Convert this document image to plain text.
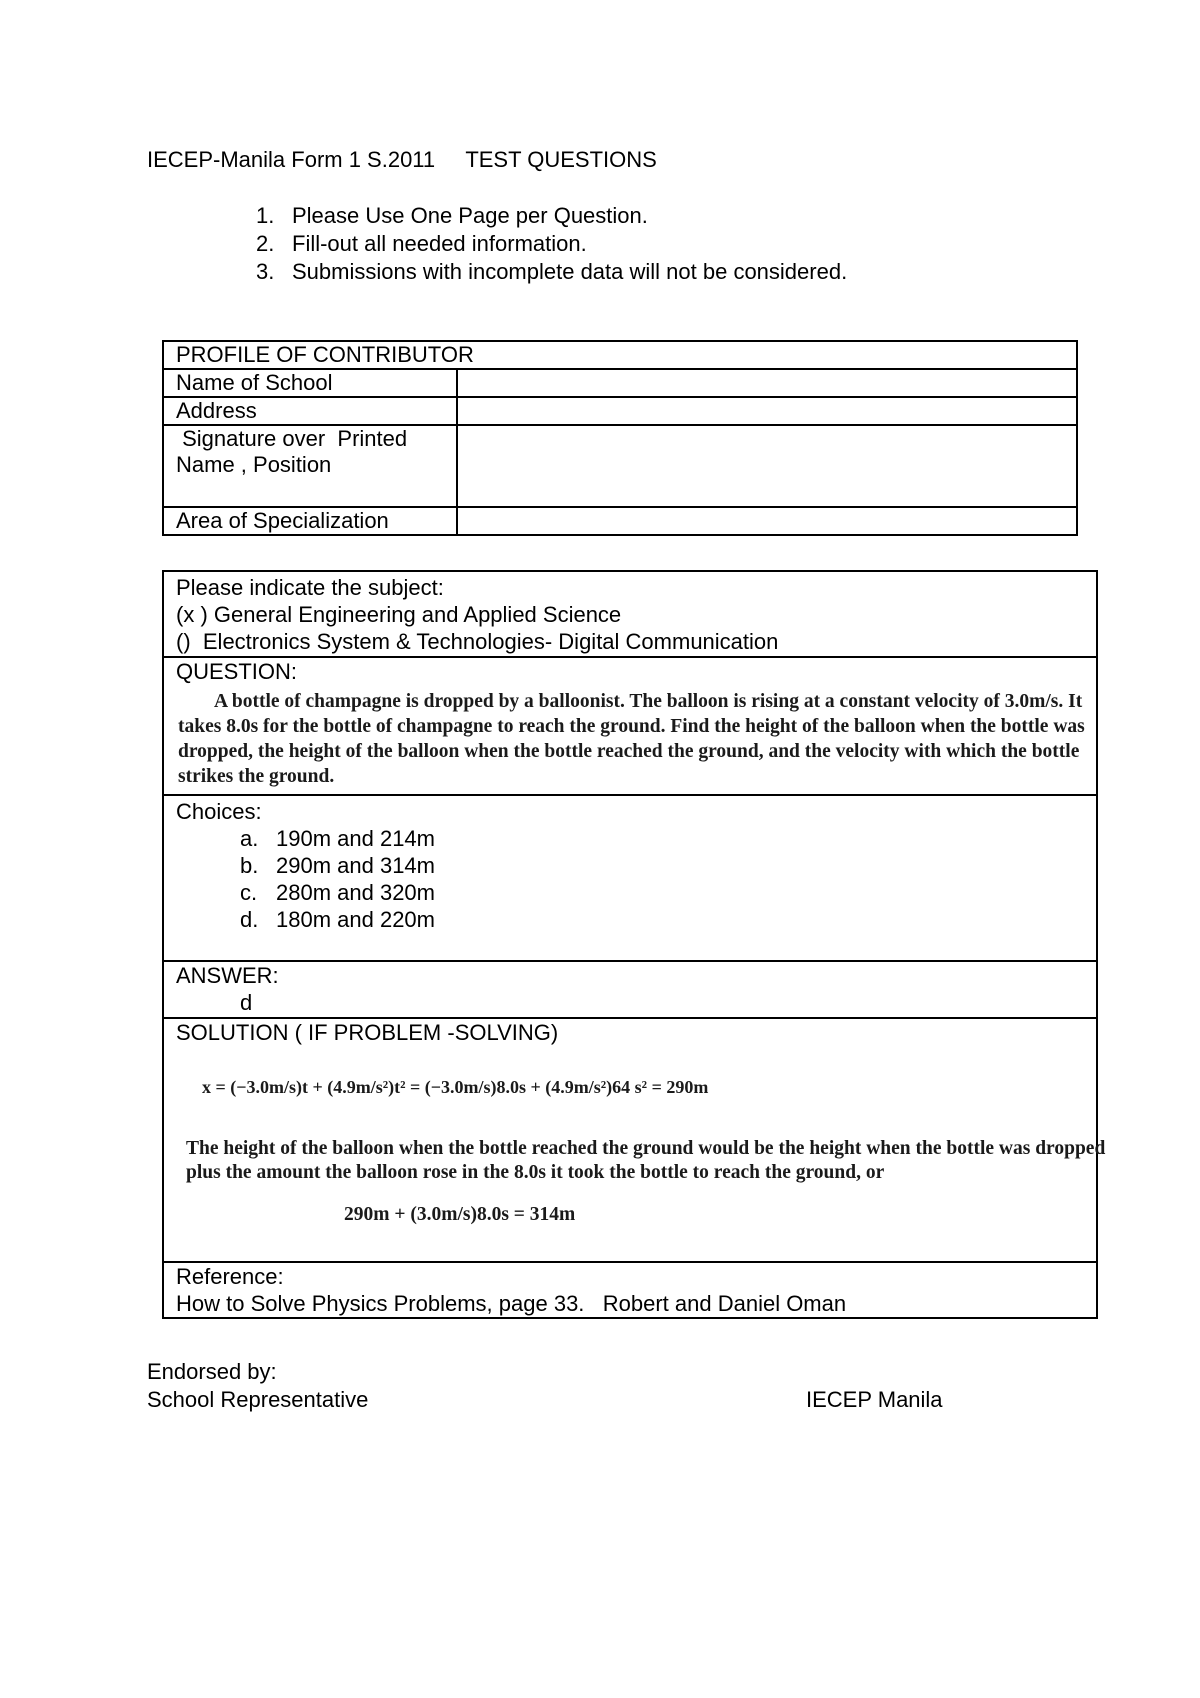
IECEP-Manila Form 1 S.2011     TEST QUESTIONS
1. Please Use One Page per Question.
2. Fill-out all needed information.
3. Submissions with incomplete data will not be considered.
PROFILE OF CONTRIBUTOR	
Name of School	
Address	

Signature over  Printed
Name , Position	

Area of Specialization	
Please indicate the subject:
(x ) General Engineering and Applied Science
()  Electronics System & Technologies- Digital Communication
QUESTION:
A bottle of champagne is dropped by a balloonist. The balloon is rising at a constant velocity of 3.0m/s. It
takes 8.0s for the bottle of champagne to reach the ground. Find the height of the balloon when the bottle was
dropped, the height of the balloon when the bottle reached the ground, and the velocity with which the bottle
strikes the ground.
Choices:
a. 190m and 214m
b. 290m and 314m
c. 280m and 320m
d. 180m and 220m
ANSWER:
d
SOLUTION ( IF PROBLEM -SOLVING)
x = (−3.0m/s)t + (4.9m/s²)t² = (−3.0m/s)8.0s + (4.9m/s²)64 s² = 290m
The height of the balloon when the bottle reached the ground would be the height when the bottle was dropped
plus the amount the balloon rose in the 8.0s it took the bottle to reach the ground, or
290m + (3.0m/s)8.0s = 314m
Reference:
How to Solve Physics Problems, page 33.   Robert and Daniel Oman
Endorsed by:
School Representative	IECEP Manila
